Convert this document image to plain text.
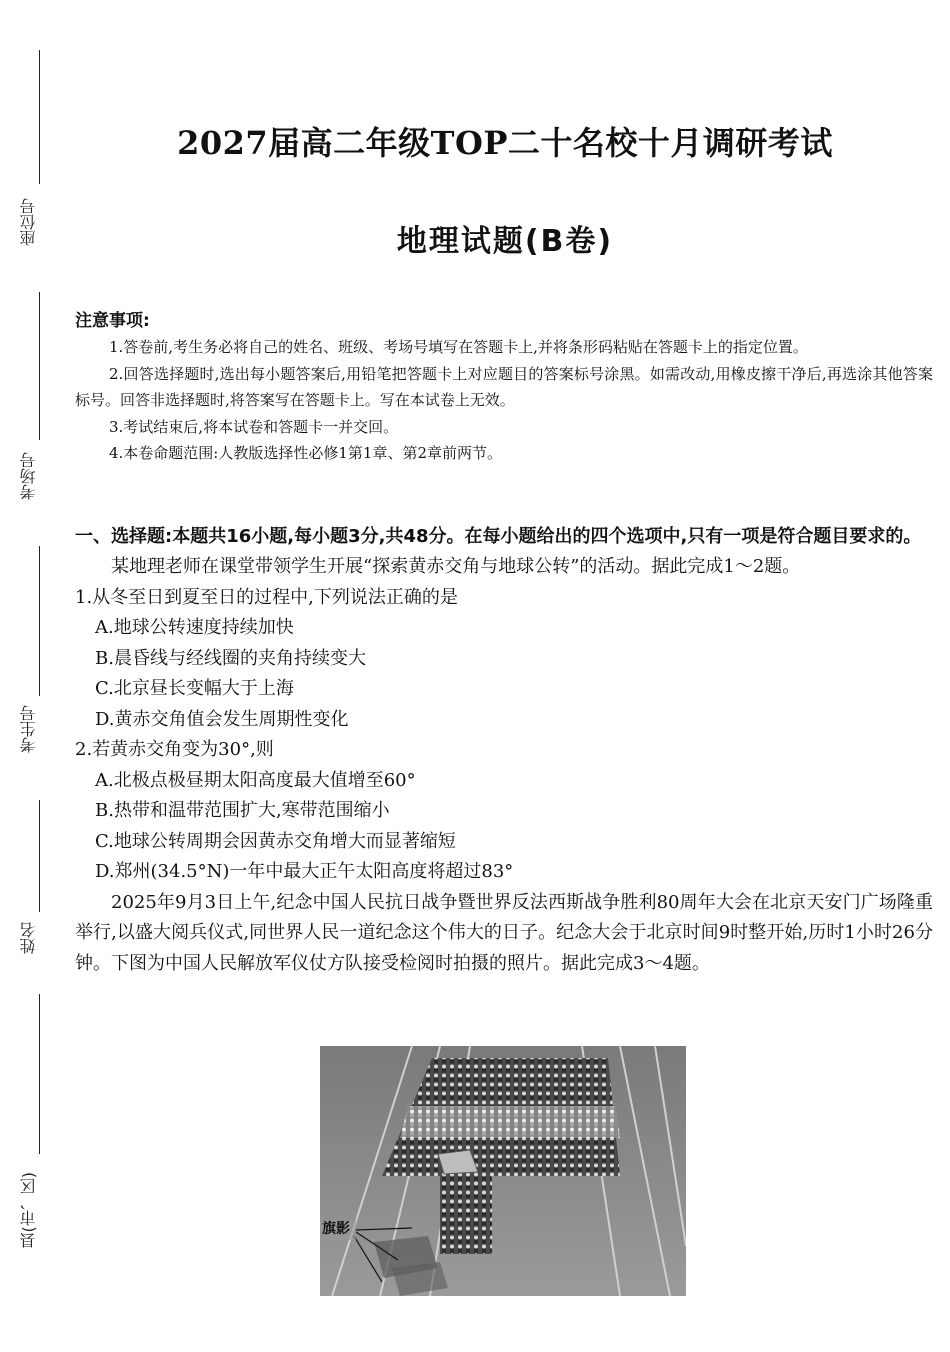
座位号
考场号
考生号
姓名
县(市、区)
2027届高二年级TOP二十名校十月调研考试
地理试题(B卷)
注意事项:

1.答卷前,考生务必将自己的姓名、班级、考场号填写在答题卡上,并将条形码粘贴在答题卡上的指定位置。

2.回答选择题时,选出每小题答案后,用铅笔把答题卡上对应题目的答案标号涂黑。如需改动,用橡皮擦干净后,再选涂其他答案标号。回答非选择题时,将答案写在答题卡上。写在本试卷上无效。

3.考试结束后,将本试卷和答题卡一并交回。

4.本卷命题范围:人教版选择性必修1第1章、第2章前两节。

一、选择题:本题共16小题,每小题3分,共48分。在每小题给出的四个选项中,只有一项是符合题目要求的。

某地理老师在课堂带领学生开展“探索黄赤交角与地球公转”的活动。据此完成1～2题。

1.从冬至日到夏至日的过程中,下列说法正确的是

A.地球公转速度持续加快

B.晨昏线与经线圈的夹角持续变大

C.北京昼长变幅大于上海

D.黄赤交角值会发生周期性变化

2.若黄赤交角变为30°,则

A.北极点极昼期太阳高度最大值增至60°

B.热带和温带范围扩大,寒带范围缩小

C.地球公转周期会因黄赤交角增大而显著缩短

D.郑州(34.5°N)一年中最大正午太阳高度将超过83°

2025年9月3日上午,纪念中国人民抗日战争暨世界反法西斯战争胜利80周年大会在北京天安门广场隆重举行,以盛大阅兵仪式,同世界人民一道纪念这个伟大的日子。纪念大会于北京时间9时整开始,历时1小时26分钟。下图为中国人民解放军仪仗方队接受检阅时拍摄的照片。据此完成3～4题。

旗影
